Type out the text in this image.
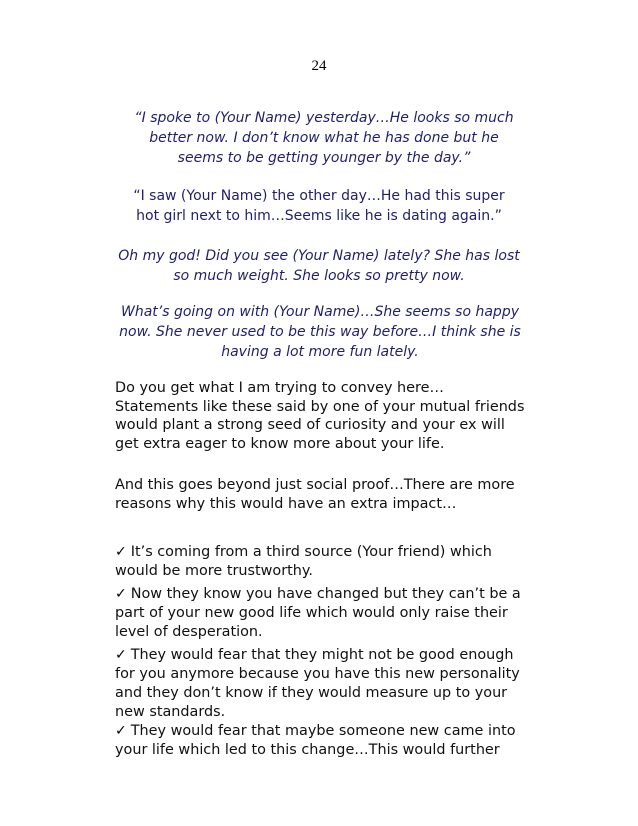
24
“I spoke to (Your Name) yesterday…He looks so much better now. I don’t know what he has done but he seems to be getting younger by the day.”
“I saw (Your Name) the other day…He had this super hot girl next to him…Seems like he is dating again.”
Oh my god! Did you see (Your Name) lately? She has lost so much weight. She looks so pretty now.
What’s going on with (Your Name)…She seems so happy now. She never used to be this way before…I think she is having a lot more fun lately.
Do you get what I am trying to convey here…Statements like these said by one of your mutual friends would plant a strong seed of curiosity and your ex will get extra eager to know more about your life.
And this goes beyond just social proof…There are more reasons why this would have an extra impact…
✓ It’s coming from a third source (Your friend) which would be more trustworthy.
✓ Now they know you have changed but they can’t be a part of your new good life which would only raise their level of desperation.
✓ They would fear that they might not be good enough for you anymore because you have this new personality and they don’t know if they would measure up to your new standards.
✓ They would fear that maybe someone new came into your life which led to this change…This would further
